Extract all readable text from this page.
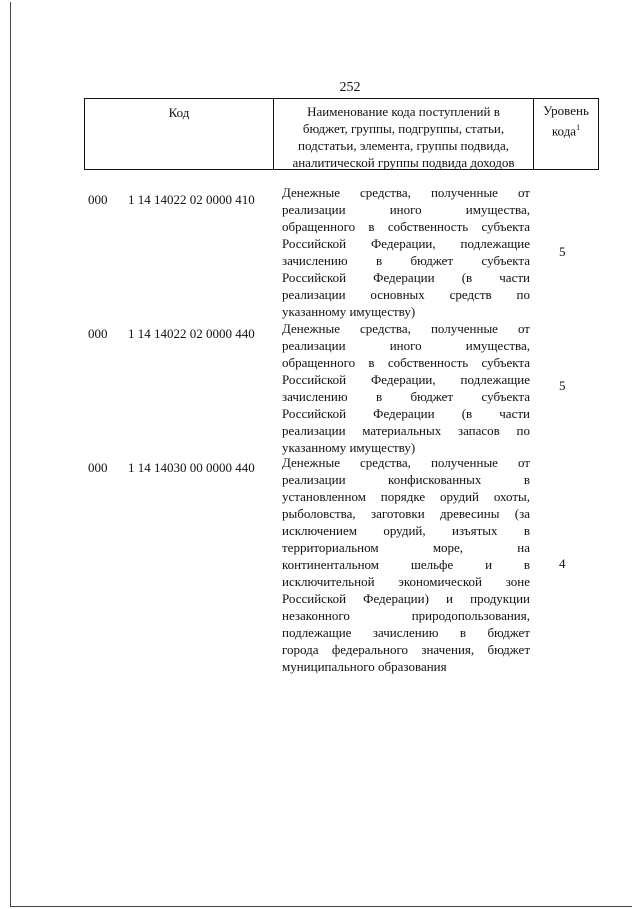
252
Код	Наименование кода поступлений в
бюджет, группы, подгруппы, статьи,
подстатьи, элемента, группы подвида,
аналитической группы подвида доходов
Уровень
кода$^1$
000 1 14 14022 02 0000 410 Денежные средства, полученные от
реализации иного имущества,
обращенного в собственность субъекта
Российской Федерации, подлежащие
зачислению в бюджет субъекта
Российской Федерации (в части
реализации основных средств по
указанному имуществу)
5
000 1 14 14022 02 0000 440 Денежные средства, полученные от
реализации иного имущества,
обращенного в собственность субъекта
Российской Федерации, подлежащие
зачислению в бюджет субъекта
Российской Федерации (в части
реализации материальных запасов по
указанному имуществу)
5
000 1 14 14030 00 0000 440 Денежные средства, полученные от
реализации конфискованных в
установленном порядке орудий охоты,
рыболовства, заготовки древесины (за
исключением орудий, изъятых в
территориальном море, на
континентальном шельфе и в
исключительной экономической зоне
Российской Федерации) и продукции
незаконного природопользования,
подлежащие зачислению в бюджет
города федерального значения, бюджет
муниципального образования
4
